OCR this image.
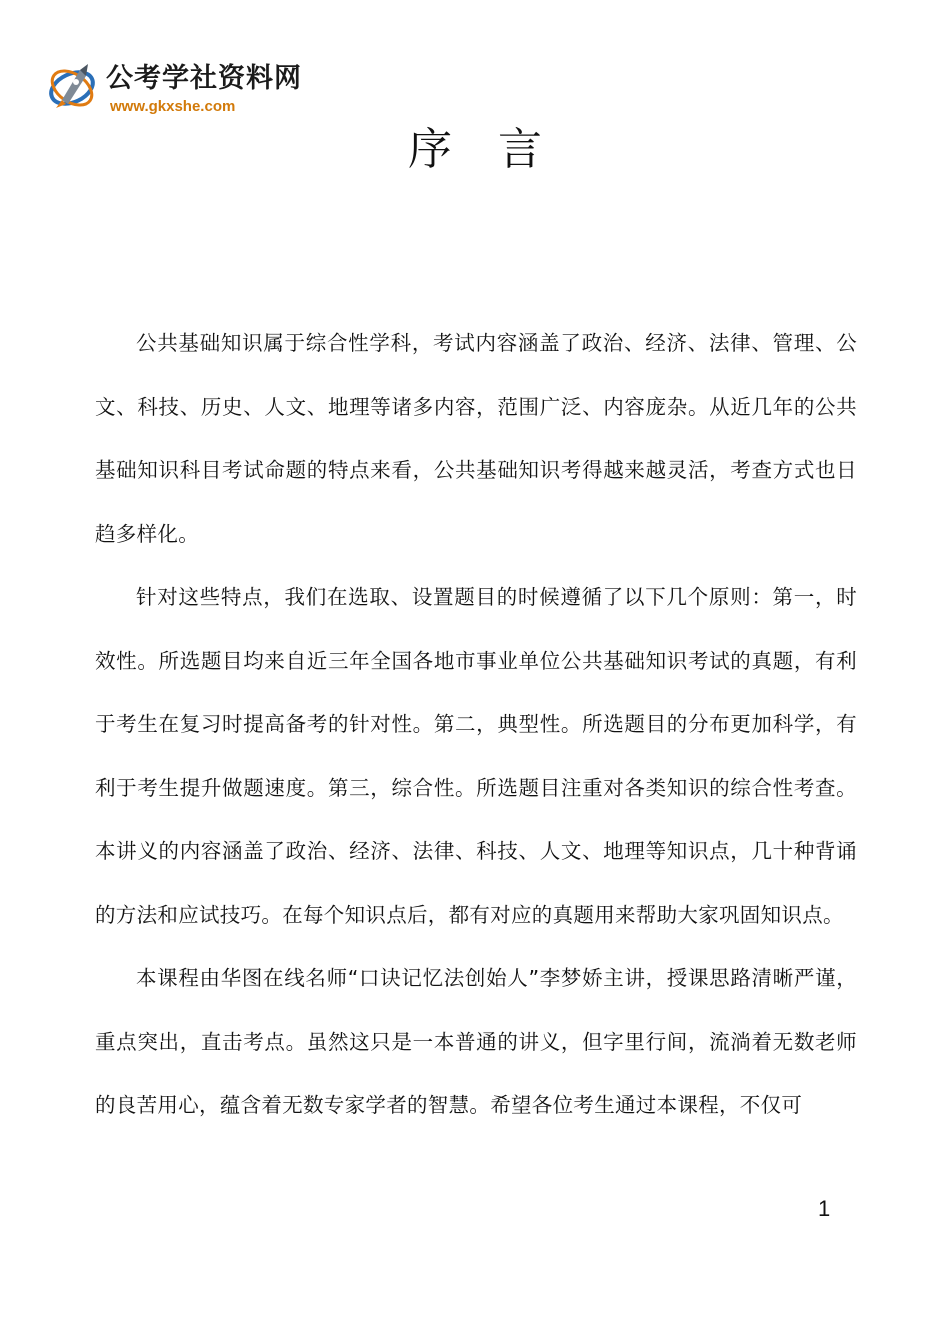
公考学社资料网
www.gkxshe.com
序言

公共基础知识属于综合性学科，考试内容涵盖了政治、经济、法律、管理、公文、科技、历史、人文、地理等诸多内容，范围广泛、内容庞杂。从近几年的公共基础知识科目考试命题的特点来看，公共基础知识考得越来越灵活，考查方式也日趋多样化。

针对这些特点，我们在选取、设置题目的时候遵循了以下几个原则：第一，时效性。所选题目均来自近三年全国各地市事业单位公共基础知识考试的真题，有利于考生在复习时提高备考的针对性。第二，典型性。所选题目的分布更加科学，有利于考生提升做题速度。第三，综合性。所选题目注重对各类知识的综合性考查。本讲义的内容涵盖了政治、经济、法律、科技、人文、地理等知识点，几十种背诵的方法和应试技巧。在每个知识点后，都有对应的真题用来帮助大家巩固知识点。

本课程由华图在线名师“口诀记忆法创始人”李梦娇主讲，授课思路清晰严谨，重点突出，直击考点。虽然这只是一本普通的讲义，但字里行间，流淌着无数老师的良苦用心，蕴含着无数专家学者的智慧。希望各位考生通过本课程，不仅可

1
